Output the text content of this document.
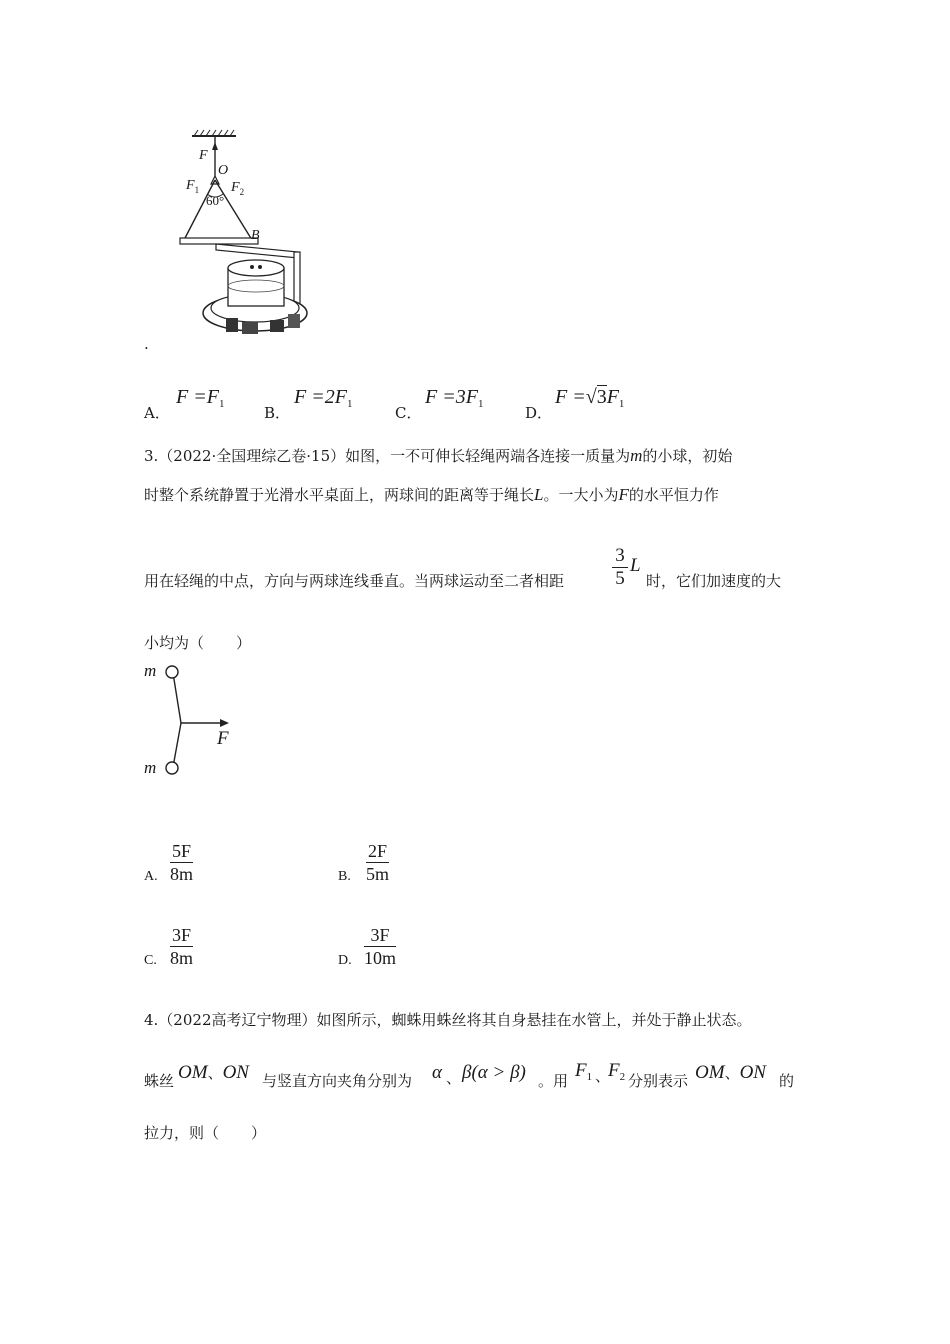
F
O
$F_1$ $F_2$
60°
B
.
A．
$F =F_1$	B．
$F =2F_1$	C．
$F =3F_1$	D．
$F =√3F_1$
3.（2022·全国理综乙卷·15）如图，一不可伸长轻绳两端各连接一质量为m的小球，初始
时整个系统静置于光滑水平桌面上，两球间的距离等于绳长L。一大小为F的水平恒力作
用在轻绳的中点，方向与两球连线垂直。当两球运动至二者相距
3
5
L
时，它们加速度的大
小均为（ ）
m
m
F
A.
5F
8m	B.
2F
5m
C.
3F
8m	D.
3F
10m
4.（2022高考辽宁物理）如图所示，蜘蛛用蛛丝将其自身悬挂在水管上，并处于静止状态。
蛛丝 OM、ON 与竖直方向夹角分别为 α 、 β(α > β) 。用 $F_1$ 、
$F_2$ 分别表示 OM、ON 的
拉力，则（ ）
